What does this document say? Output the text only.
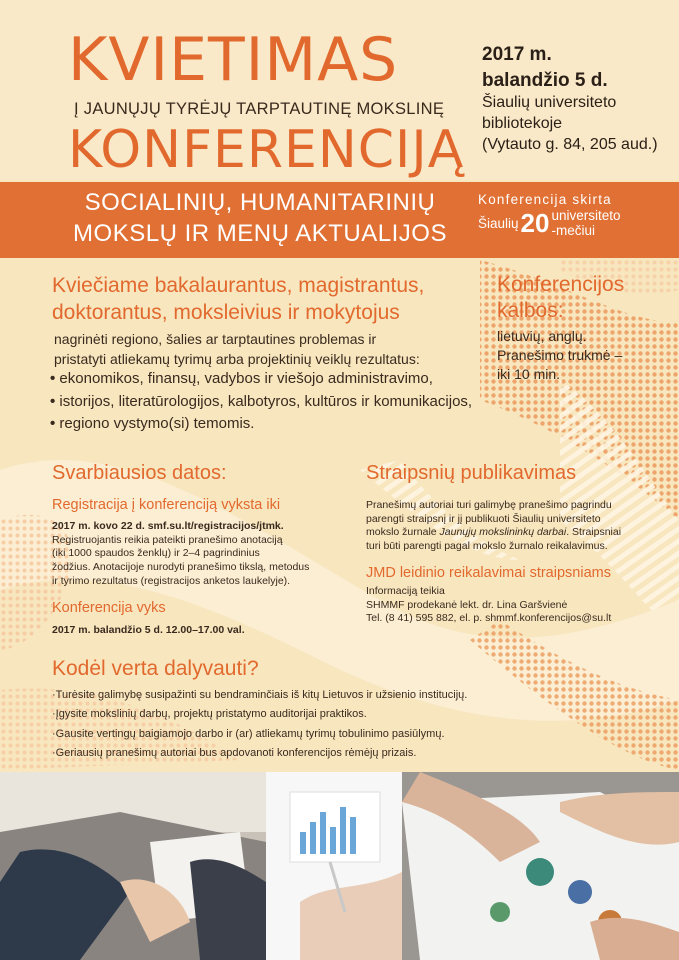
KVIETIMAS
Į JAUNŲJŲ TYRĖJŲ TARPTAUTINĘ MOKSLINĘ
KONFERENCIJĄ
2017 m.
balandžio 5 d.
Šiaulių universiteto
bibliotekoje
(Vytauto g. 84, 205 aud.)
SOCIALINIŲ, HUMANITARINIŲ
MOKSLŲ IR MENŲ AKTUALIJOS
Konferencija skirta
Šiaulių 20 universiteto
-mečiui
Kviečiame bakalaurantus, magistrantus,
doktorantus, moksleivius ir mokytojus
nagrinėti regiono, šalies ar tarptautines problemas ir
pristatyti atliekamų tyrimų arba projektinių veiklų rezultatus:
• ekonomikos, finansų, vadybos ir viešojo administravimo,
• istorijos, literatūrologijos, kalbotyros, kultūros ir komunikacijos,
• regiono vystymo(si) temomis.
Konferencijos
kalbos:
lietuvių, anglų.
Pranešimo trukmė –
iki 10 min.
Svarbiausios datos:
Registracija į konferenciją vyksta iki
2017 m. kovo 22 d. smf.su.lt/registracijos/jtmk.
Registruojantis reikia pateikti pranešimo anotaciją
(iki 1000 spaudos ženklų) ir 2–4 pagrindinius
žodžius. Anotacijoje nurodyti pranešimo tikslą, metodus
ir tyrimo rezultatus (registracijos anketos laukelyje).
Konferencija vyks
2017 m. balandžio 5 d. 12.00–17.00 val.
Straipsnių publikavimas
Pranešimų autoriai turi galimybę pranešimo pagrindu
parengti straipsnį ir jį publikuoti Šiaulių universiteto
mokslo žurnale Jaunųjų mokslininkų darbai. Straipsniai
turi būti parengti pagal mokslo žurnalo reikalavimus.
JMD leidinio reikalavimai straipsniams
Informaciją teikia
SHMMF prodekanė lekt. dr. Lina Garšvienė
Tel. (8 41) 595 882, el. p. shmmf.konferencijos@su.lt
Kodėl verta dalyvauti?
·Turėsite galimybę susipažinti su bendraminčiais iš kitų Lietuvos ir užsienio institucijų.
·Įgysite mokslinių darbų, projektų pristatymo auditorijai praktikos.
·Gausite vertingų baigiamojo darbo ir (ar) atliekamų tyrimų tobulinimo pasiūlymų.
·Geriausių pranešimų autoriai bus apdovanoti konferencijos rėmėjų prizais.
